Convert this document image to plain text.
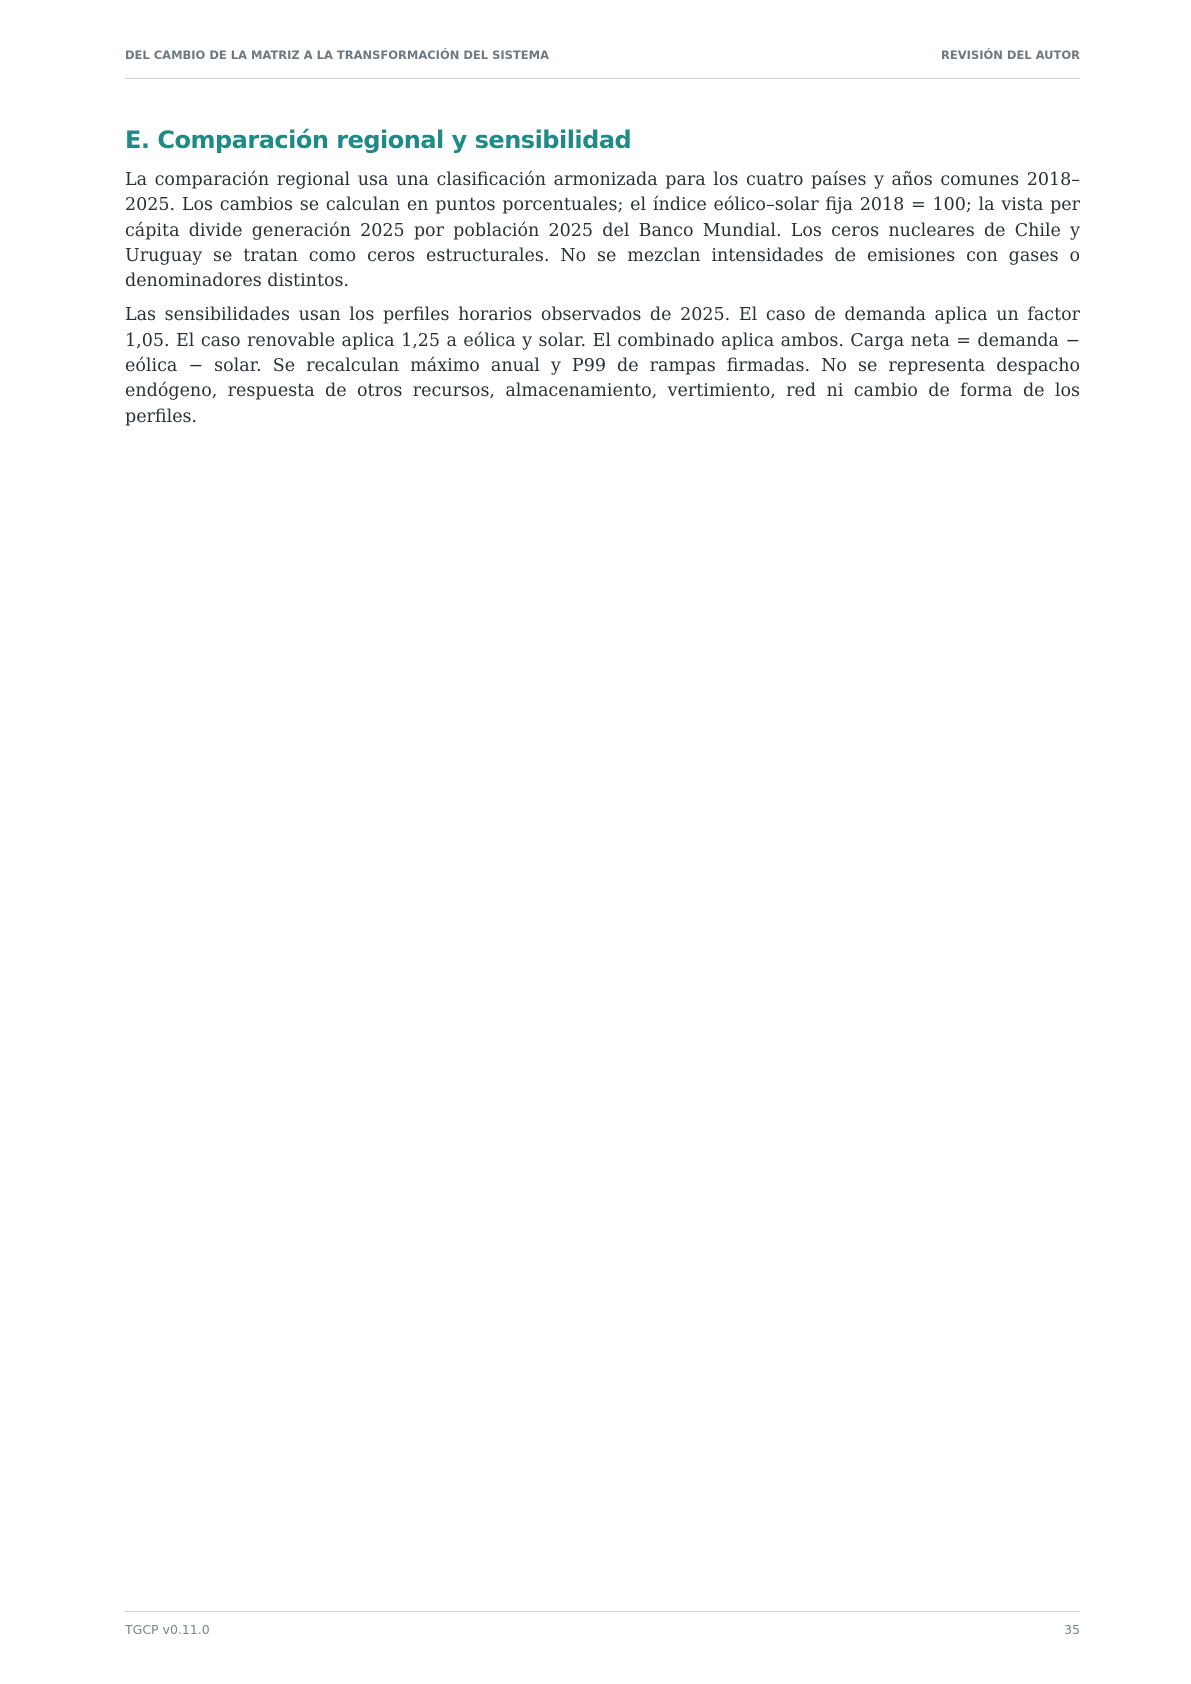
DEL CAMBIO DE LA MATRIZ A LA TRANSFORMACIÓN DEL SISTEMA	REVISIÓN DEL AUTOR
E. Comparación regional y sensibilidad

La comparación regional usa una clasificación armonizada para los cuatro países y años comunes 2018–2025. Los cambios se calculan en puntos porcentuales; el índice eólico–solar fija 2018 = 100; la vista per cápita divide generación 2025 por población 2025 del Banco Mundial. Los ceros nucleares de Chile y Uruguay se tratan como ceros estructurales. No se mezclan intensidades de emisiones con gases o denominadores distintos.

Las sensibilidades usan los perfiles horarios observados de 2025. El caso de demanda aplica un factor 1,05. El caso renovable aplica 1,25 a eólica y solar. El combinado aplica ambos. Carga neta = demanda − eólica − solar. Se recalculan máximo anual y P99 de rampas firmadas. No se representa despacho endógeno, respuesta de otros recursos, almacenamiento, vertimiento, red ni cambio de forma de los perfiles.

TGCP v0.11.0	35
